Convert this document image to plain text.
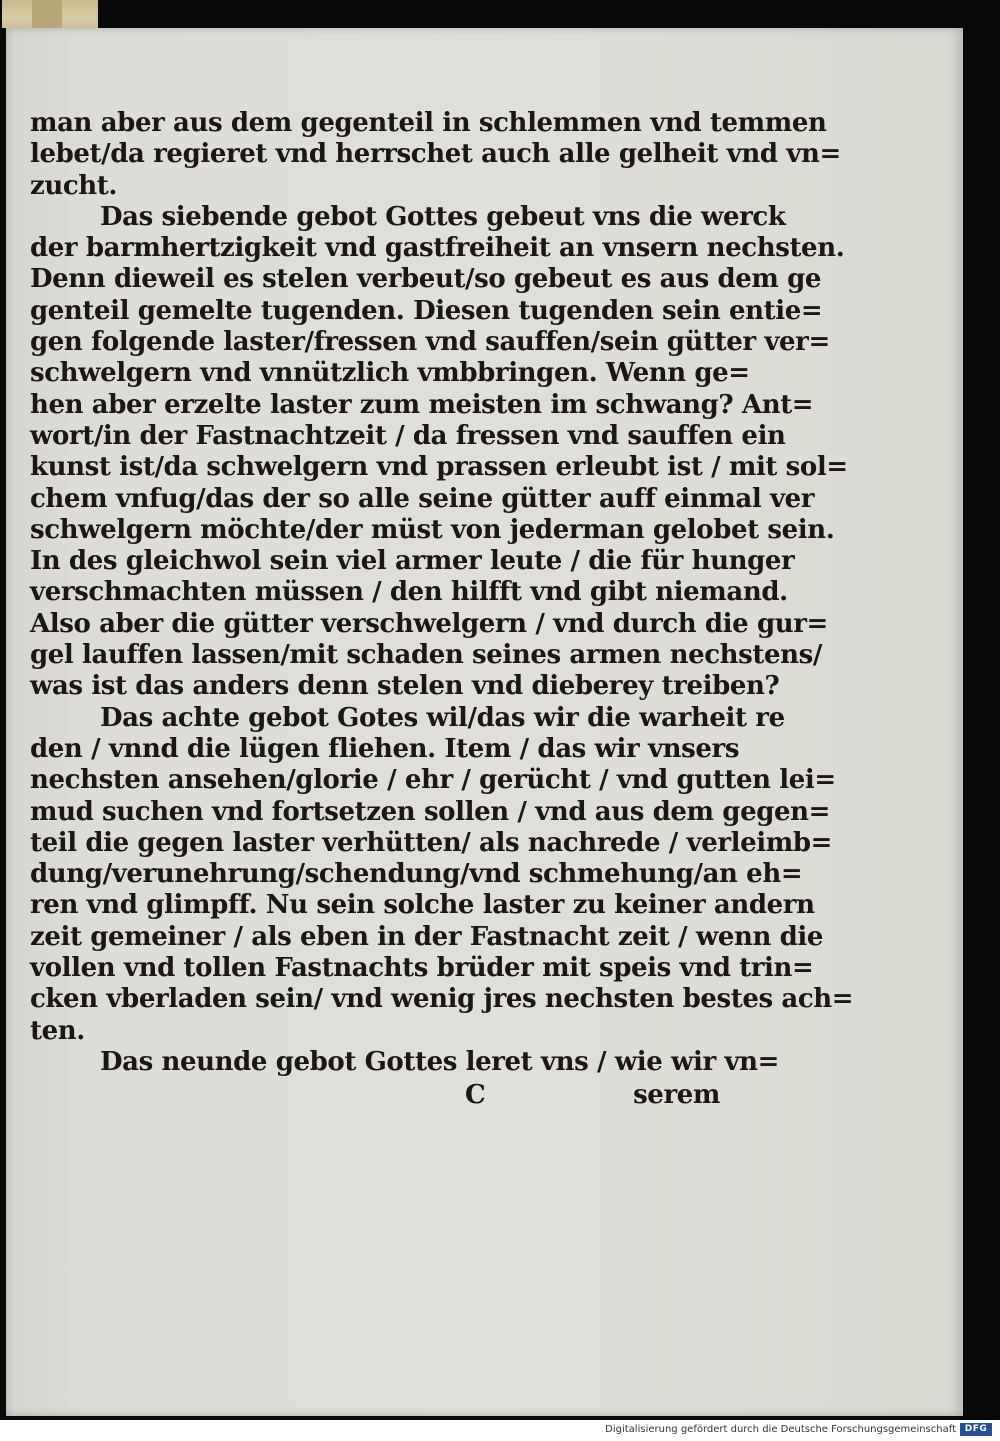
man aber aus dem gegenteil in schlemmen vnd temmen
lebet/da regieret vnd herrschet auch alle gelheit vnd vn=
zucht.
Das siebende gebot Gottes gebeut vns die werck
der barmhertzigkeit vnd gastfreiheit an vnsern nechsten.
Denn dieweil es stelen verbeut/so gebeut es aus dem ge
genteil gemelte tugenden. Diesen tugenden sein entie=
gen folgende laster/fressen vnd sauffen/sein gütter ver=
schwelgern vnd vnnützlich vmbbringen. Wenn ge=
hen aber erzelte laster zum meisten im schwang? Ant=
wort/in der Fastnachtzeit / da fressen vnd sauffen ein
kunst ist/da schwelgern vnd prassen erleubt ist / mit sol=
chem vnfug/das der so alle seine gütter auff einmal ver
schwelgern möchte/der müst von jederman gelobet sein.
In des gleichwol sein viel armer leute / die für hunger
verschmachten müssen / den hilfft vnd gibt niemand.
Also aber die gütter verschwelgern / vnd durch die gur=
gel lauffen lassen/mit schaden seines armen nechstens/
was ist das anders denn stelen vnd dieberey treiben?
Das achte gebot Gotes wil/das wir die warheit re
den / vnnd die lügen fliehen. Item / das wir vnsers
nechsten ansehen/glorie / ehr / gerücht / vnd gutten lei=
mud suchen vnd fortsetzen sollen / vnd aus dem gegen=
teil die gegen laster verhütten/ als nachrede / verleimb=
dung/verunehrung/schendung/vnd schmehung/an eh=
ren vnd glimpff. Nu sein solche laster zu keiner andern
zeit gemeiner / als eben in der Fastnacht zeit / wenn die
vollen vnd tollen Fastnachts brüder mit speis vnd trin=
cken vberladen sein/ vnd wenig jres nechsten bestes ach=
ten.
Das neunde gebot Gottes leret vns / wie wir vn=
C	serem
Digitalisierung gefördert durch die Deutsche Forschungsgemeinschaft DFG
